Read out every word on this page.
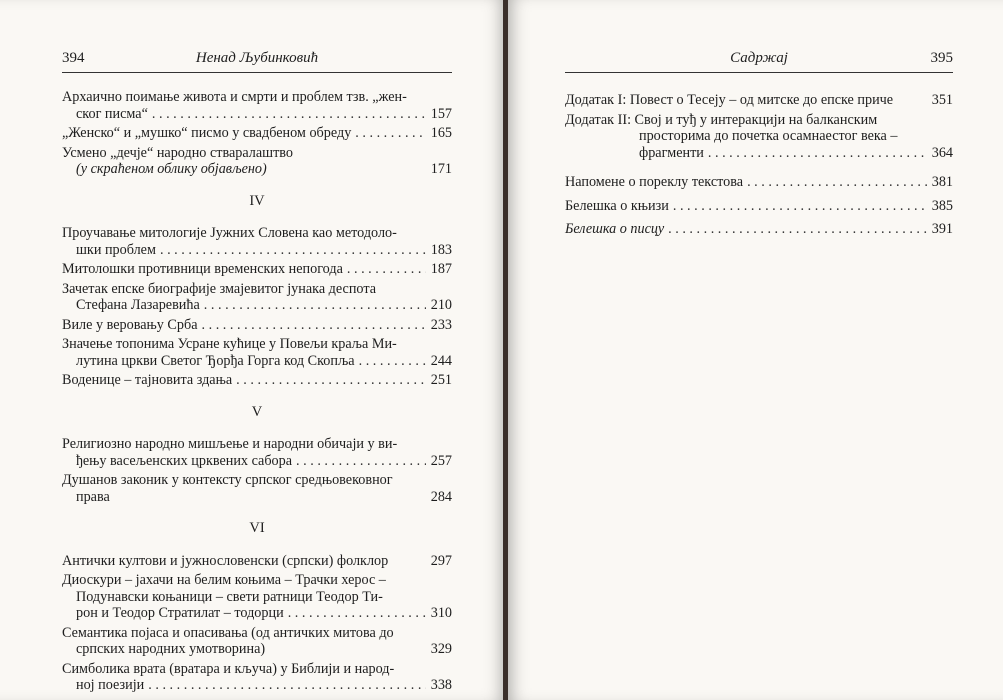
394	Ненад Љубинковић
Архаично поимање живота и смрти и проблем тзв. „жен-
ског писма“ . . .	157
„Женско“ и „мушко“ писмо у свадбеном обреду . . .	165
Усмено „дечје“ народно стваралаштво
(у скраћеном облику објављено)	171
IV
Проучавање митологије Јужних Словена као методоло-
шки проблем . . .	183
Митолошки противници временских непогода . . .	187
Зачетак епске биографије змајевитог јунака деспота
Стефана Лазаревића . . .	210
Виле у веровању Срба . . .	233
Значење топонима Усране кућице у Повељи краља Ми-
лутина цркви Светог Ђорђа Горга код Скопља . . .	244
Воденице – тајновита здања . . .	251
V
Религиозно народно мишљење и народни обичаји у ви-
ђењу васељенских црквених сабора . . .	257
Душанов законик у контексту српског средњовековног
права	284
VI
Антички култови и јужнословенски (српски) фолклор	297
Диоскури – јахачи на белим коњима – Трачки херос –
Подунавски коњаници – свети ратници Теодор Ти-
рон и Теодор Стратилат – тодорци . . .	310
Семантика појаса и опасивања (од античких митова до
српских народних умотворина)	329
Симболика врата (вратара и кључа) у Библији и народ-
ној поезији . . .	338
Садржај	395
Додатак I: Повест о Тесеју – од митске до епске приче	351
Додатак II: Свој и туђ у интеракцији на балканским
простoрима до почетка осамнаестог века –
фрагменти . . .	364
Напомене о пореклу текстова . . .	381
Белешка о књизи . . .	385
Белешка о писцу . . .	391
